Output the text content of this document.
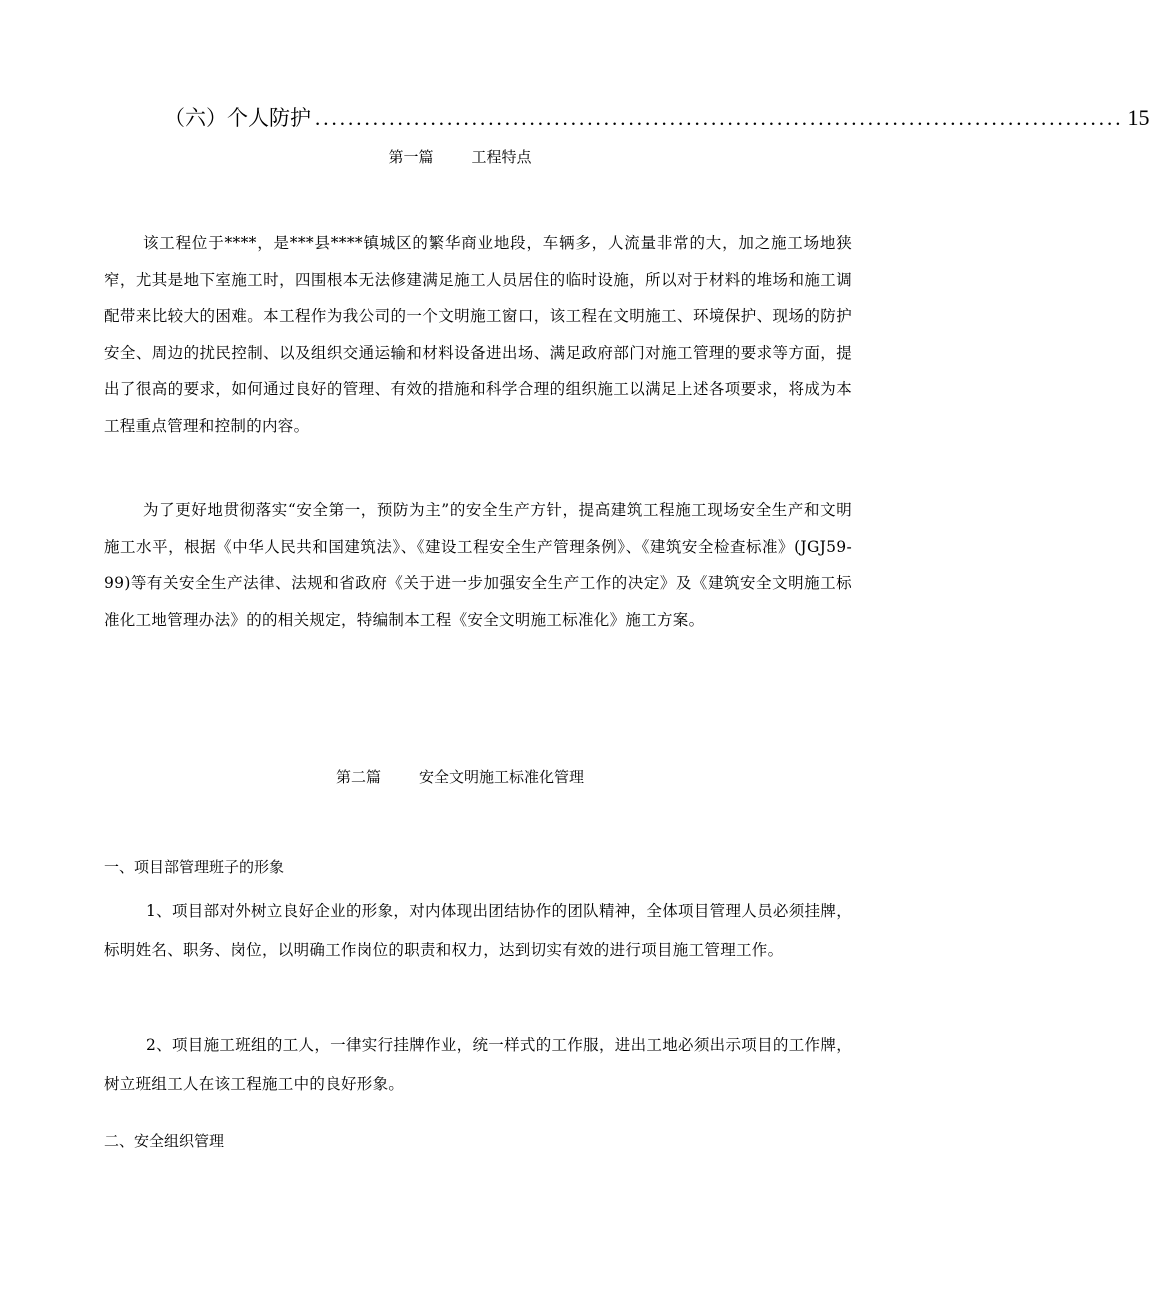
（六）个人防护 .................................................................................................. 15
第一篇	工程特点

该工程位于****，是***县****镇城区的繁华商业地段，车辆多，人流量非常的大，加之施工场地狭窄，尤其是地下室施工时，四围根本无法修建满足施工人员居住的临时设施，所以对于材料的堆场和施工调配带来比较大的困难。本工程作为我公司的一个文明施工窗口，该工程在文明施工、环境保护、现场的防护安全、周边的扰民控制、以及组织交通运输和材料设备进出场、满足政府部门对施工管理的要求等方面，提出了很高的要求，如何通过良好的管理、有效的措施和科学合理的组织施工以满足上述各项要求，将成为本工程重点管理和控制的内容。

为了更好地贯彻落实“安全第一，预防为主”的安全生产方针，提高建筑工程施工现场安全生产和文明施工水平，根据《中华人民共和国建筑法》、《建设工程安全生产管理条例》、《建筑安全检查标准》(JGJ59-99)等有关安全生产法律、法规和省政府《关于进一步加强安全生产工作的决定》及《建筑安全文明施工标准化工地管理办法》的的相关规定，特编制本工程《安全文明施工标准化》施工方案。

第二篇	安全文明施工标准化管理
一、项目部管理班子的形象

1、项目部对外树立良好企业的形象，对内体现出团结协作的团队精神，全体项目管理人员必须挂牌，标明姓名、职务、岗位，以明确工作岗位的职责和权力，达到切实有效的进行项目施工管理工作。

2、项目施工班组的工人，一律实行挂牌作业，统一样式的工作服，进出工地必须出示项目的工作牌，树立班组工人在该工程施工中的良好形象。

二、安全组织管理
